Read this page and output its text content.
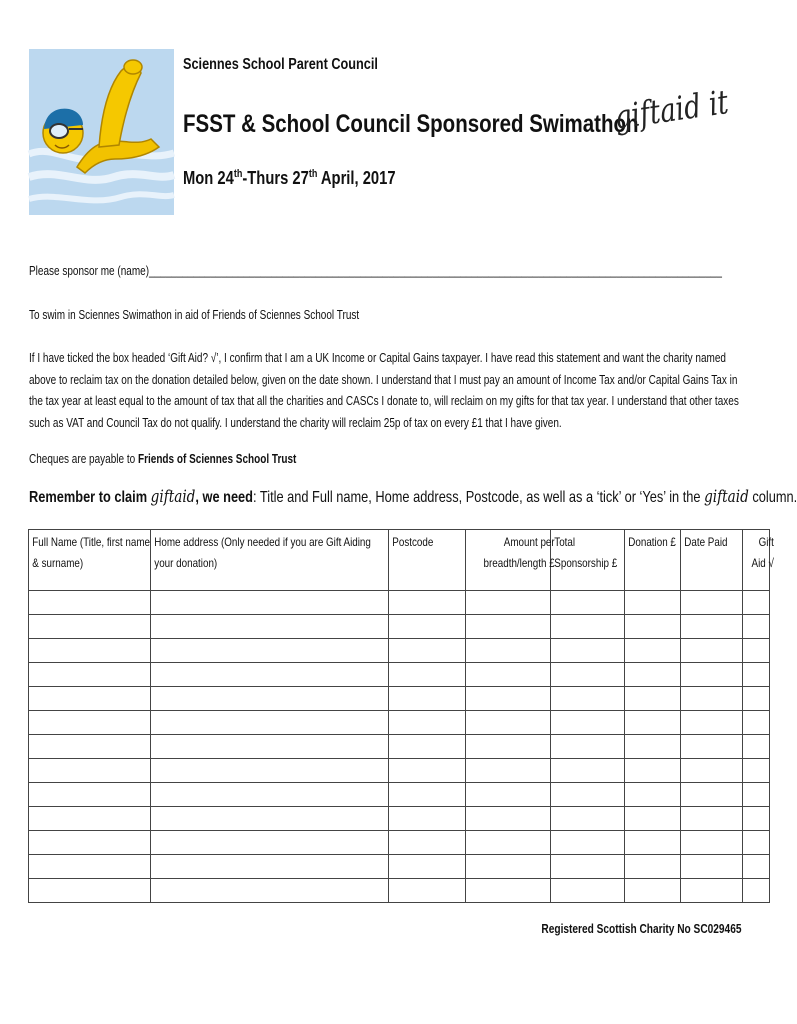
Sciennes School Parent Council
FSST & School Council Sponsored Swimathon
Mon 24th-Thurs 27th April, 2017
giftaid it
Please sponsor me (name)_______________________________________________________________________________________________________
To swim in Sciennes Swimathon in aid of Friends of Sciennes School Trust
If I have ticked the box headed ‘Gift Aid? √’, I confirm that I am a UK Income or Capital Gains taxpayer. I have read this statement and want the charity named above to reclaim tax on the donation detailed below, given on the date shown. I understand that I must pay an amount of Income Tax and/or Capital Gains Tax in the tax year at least equal to the amount of tax that all the charities and CASCs I donate to, will reclaim on my gifts for that tax year. I understand that other taxes such as VAT and Council Tax do not qualify. I understand the charity will reclaim 25p of tax on every £1 that I have given.
Cheques are payable to Friends of Sciennes School Trust
Remember to claim giftaid, we need: Title and Full name, Home address, Postcode, as well as a ‘tick’ or ‘Yes’ in the giftaid column.
Full Name (Title, first name & surname)	Home address (Only needed if you are Gift Aiding your donation)	Postcode	Amount per breadth/length £	Total Sponsorship £	Donation £	Date Paid	Gift Aid √

Registered Scottish Charity No SC029465
